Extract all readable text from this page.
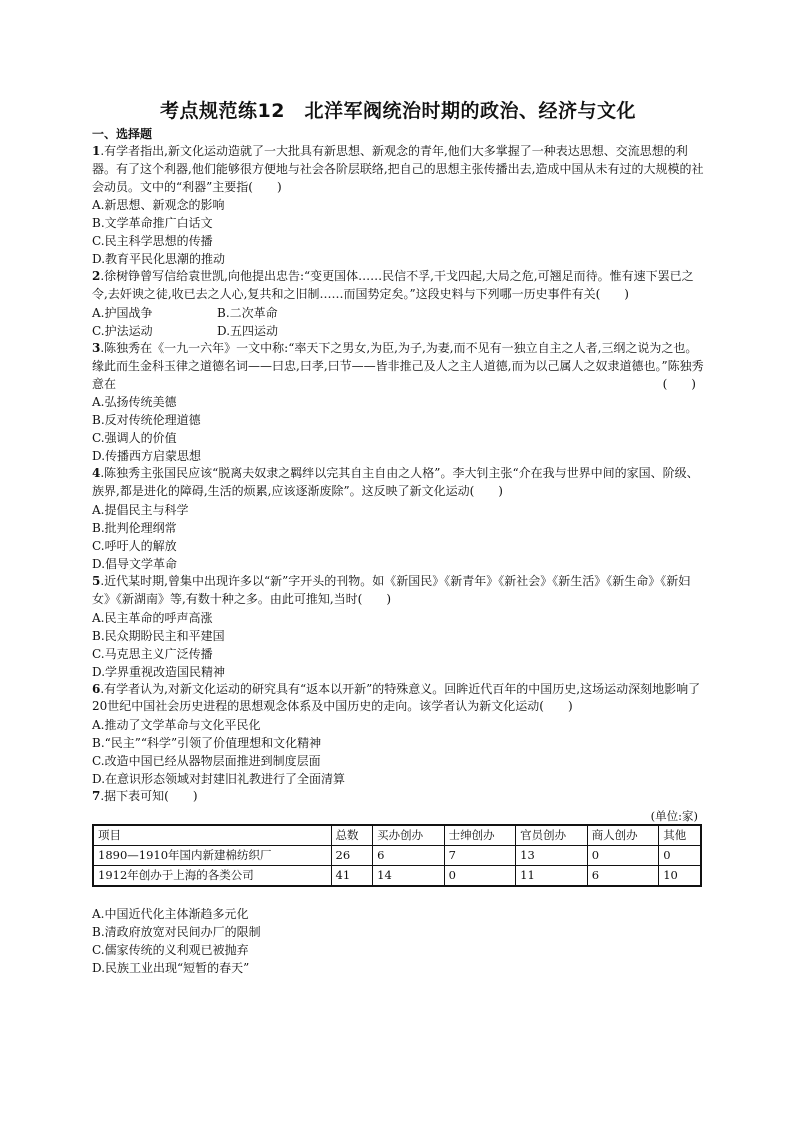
考点规范练12　北洋军阀统治时期的政治、经济与文化
一、选择题
1.有学者指出,新文化运动造就了一大批具有新思想、新观念的青年,他们大多掌握了一种表达思想、交流思想的利器。有了这个利器,他们能够很方便地与社会各阶层联络,把自己的思想主张传播出去,造成中国从未有过的大规模的社会动员。文中的“利器”主要指(　　)
A.新思想、新观念的影响
B.文学革命推广白话文
C.民主科学思想的传播
D.教育平民化思潮的推动
2.徐树铮曾写信给袁世凯,向他提出忠告:“变更国体……民信不孚,干戈四起,大局之危,可翘足而待。惟有速下罢已之令,去奸谀之徒,收已去之人心,复共和之旧制……而国势定矣。”这段史料与下列哪一历史事件有关(　　)
A.护国战争	B.二次革命
C.护法运动	D.五四运动
3.陈独秀在《一九一六年》一文中称:“率天下之男女,为臣,为子,为妻,而不见有一独立自主之人者,三纲之说为之也。缘此而生金科玉律之道德名词——曰忠,曰孝,曰节——皆非推己及人之主人道德,而为以己属人之奴隶道德也。”陈独秀意在	(　　)
A.弘扬传统美德
B.反对传统伦理道德
C.强调人的价值
D.传播西方启蒙思想
4.陈独秀主张国民应该“脱离夫奴隶之羁绊以完其自主自由之人格”。李大钊主张“介在我与世界中间的家国、阶级、族界,都是进化的障碍,生活的烦累,应该逐渐废除”。这反映了新文化运动(　　)
A.提倡民主与科学
B.批判伦理纲常
C.呼吁人的解放
D.倡导文学革命
5.近代某时期,曾集中出现许多以“新”字开头的刊物。如《新国民》《新青年》《新社会》《新生活》《新生命》《新妇女》《新湖南》等,有数十种之多。由此可推知,当时(　　)
A.民主革命的呼声高涨
B.民众期盼民主和平建国
C.马克思主义广泛传播
D.学界重视改造国民精神
6.有学者认为,对新文化运动的研究具有“返本以开新”的特殊意义。回眸近代百年的中国历史,这场运动深刻地影响了20世纪中国社会历史进程的思想观念体系及中国历史的走向。该学者认为新文化运动(　　)
A.推动了文学革命与文化平民化
B.“民主”“科学”引领了价值理想和文化精神
C.改造中国已经从器物层面推进到制度层面
D.在意识形态领域对封建旧礼教进行了全面清算
7.据下表可知(　　)
(单位:家)
项目	总数	买办创办	士绅创办	官员创办	商人创办	其他
1890—1910年国内新建棉纺织厂	26	6	7	13	0	0
1912年创办于上海的各类公司	41	14	0	11	6	10
A.中国近代化主体渐趋多元化
B.清政府放宽对民间办厂的限制
C.儒家传统的义利观已被抛弃
D.民族工业出现“短暂的春天”
